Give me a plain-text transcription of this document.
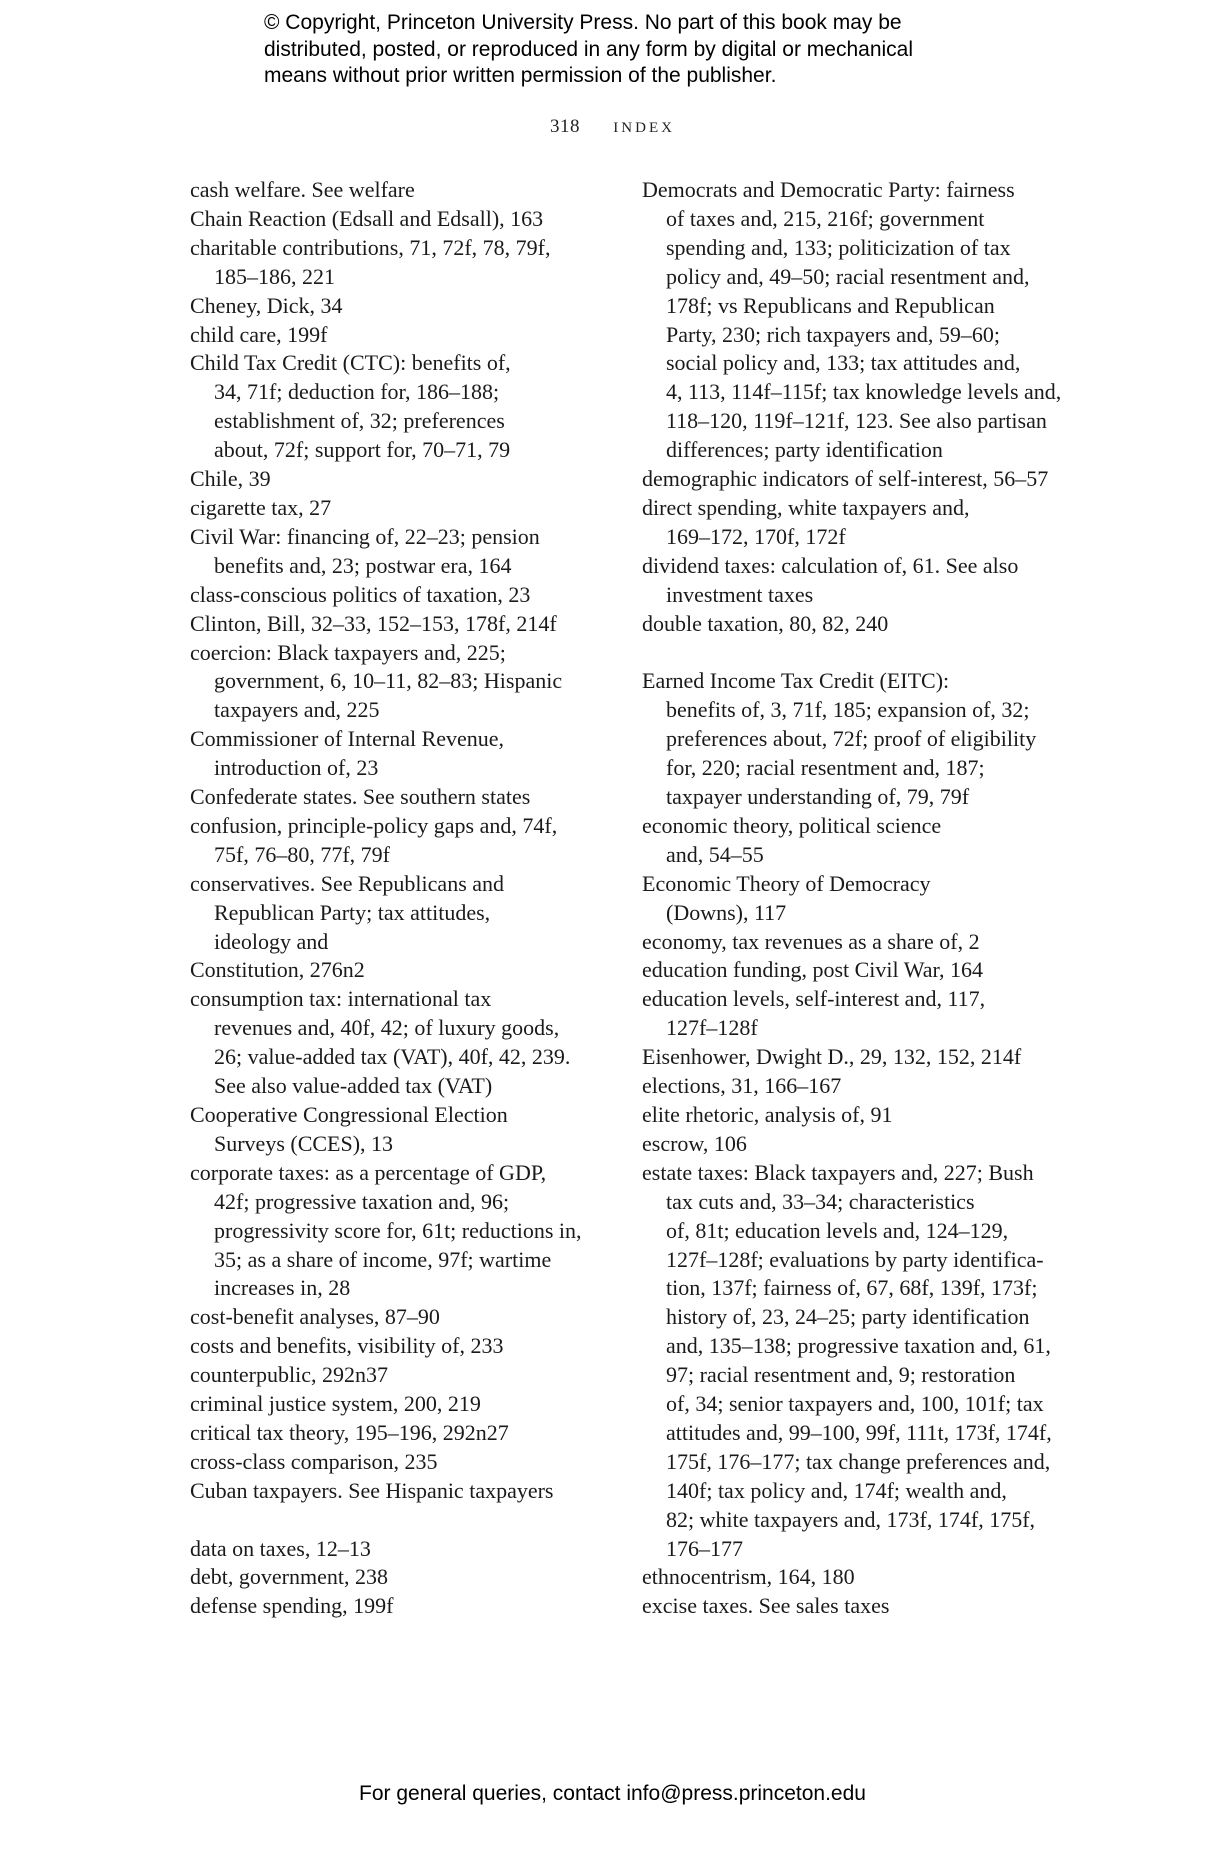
© Copyright, Princeton University Press. No part of this book may be
distributed, posted, or reproduced in any form by digital or mechanical
means without prior written permission of the publisher.
318 index
cash welfare. See welfare
Chain Reaction (Edsall and Edsall), 163
charitable contributions, 71, 72f, 78, 79f,
185–186, 221
Cheney, Dick, 34
child care, 199f
Child Tax Credit (CTC): benefits of,
34, 71f; deduction for, 186–188;
establishment of, 32; preferences
about, 72f; support for, 70–71, 79
Chile, 39
cigarette tax, 27
Civil War: financing of, 22–23; pension
benefits and, 23; postwar era, 164
class-conscious politics of taxation, 23
Clinton, Bill, 32–33, 152–153, 178f, 214f
coercion: Black taxpayers and, 225;
government, 6, 10–11, 82–83; Hispanic
taxpayers and, 225
Commissioner of Internal Revenue,
introduction of, 23
Confederate states. See southern states
confusion, principle-policy gaps and, 74f,
75f, 76–80, 77f, 79f
conservatives. See Republicans and
Republican Party; tax attitudes,
ideology and
Constitution, 276n2
consumption tax: international tax
revenues and, 40f, 42; of luxury goods,
26; value-added tax (VAT), 40f, 42, 239.
See also value-added tax (VAT)
Cooperative Congressional Election
Surveys (CCES), 13
corporate taxes: as a percentage of GDP,
42f; progressive taxation and, 96;
progressivity score for, 61t; reductions in,
35; as a share of income, 97f; wartime
increases in, 28
cost-benefit analyses, 87–90
costs and benefits, visibility of, 233
counterpublic, 292n37
criminal justice system, 200, 219
critical tax theory, 195–196, 292n27
cross-class comparison, 235
Cuban taxpayers. See Hispanic taxpayers
data on taxes, 12–13
debt, government, 238
defense spending, 199f
Democrats and Democratic Party: fairness
of taxes and, 215, 216f; government
spending and, 133; politicization of tax
policy and, 49–50; racial resentment and,
178f; vs Republicans and Republican
Party, 230; rich taxpayers and, 59–60;
social policy and, 133; tax attitudes and,
4, 113, 114f–115f; tax knowledge levels and,
118–120, 119f–121f, 123. See also partisan
differences; party identification
demographic indicators of self-interest, 56–57
direct spending, white taxpayers and,
169–172, 170f, 172f
dividend taxes: calculation of, 61. See also
investment taxes
double taxation, 80, 82, 240
Earned Income Tax Credit (EITC):
benefits of, 3, 71f, 185; expansion of, 32;
preferences about, 72f; proof of eligibility
for, 220; racial resentment and, 187;
taxpayer understanding of, 79, 79f
economic theory, political science
and, 54–55
Economic Theory of Democracy
(Downs), 117
economy, tax revenues as a share of, 2
education funding, post Civil War, 164
education levels, self-interest and, 117,
127f–128f
Eisenhower, Dwight D., 29, 132, 152, 214f
elections, 31, 166–167
elite rhetoric, analysis of, 91
escrow, 106
estate taxes: Black taxpayers and, 227; Bush
tax cuts and, 33–34; characteristics
of, 81t; education levels and, 124–129,
127f–128f; evaluations by party identifica-
tion, 137f; fairness of, 67, 68f, 139f, 173f;
history of, 23, 24–25; party identification
and, 135–138; progressive taxation and, 61,
97; racial resentment and, 9; restoration
of, 34; senior taxpayers and, 100, 101f; tax
attitudes and, 99–100, 99f, 111t, 173f, 174f,
175f, 176–177; tax change preferences and,
140f; tax policy and, 174f; wealth and,
82; white taxpayers and, 173f, 174f, 175f,
176–177
ethnocentrism, 164, 180
excise taxes. See sales taxes
For general queries, contact info@press.princeton.edu
